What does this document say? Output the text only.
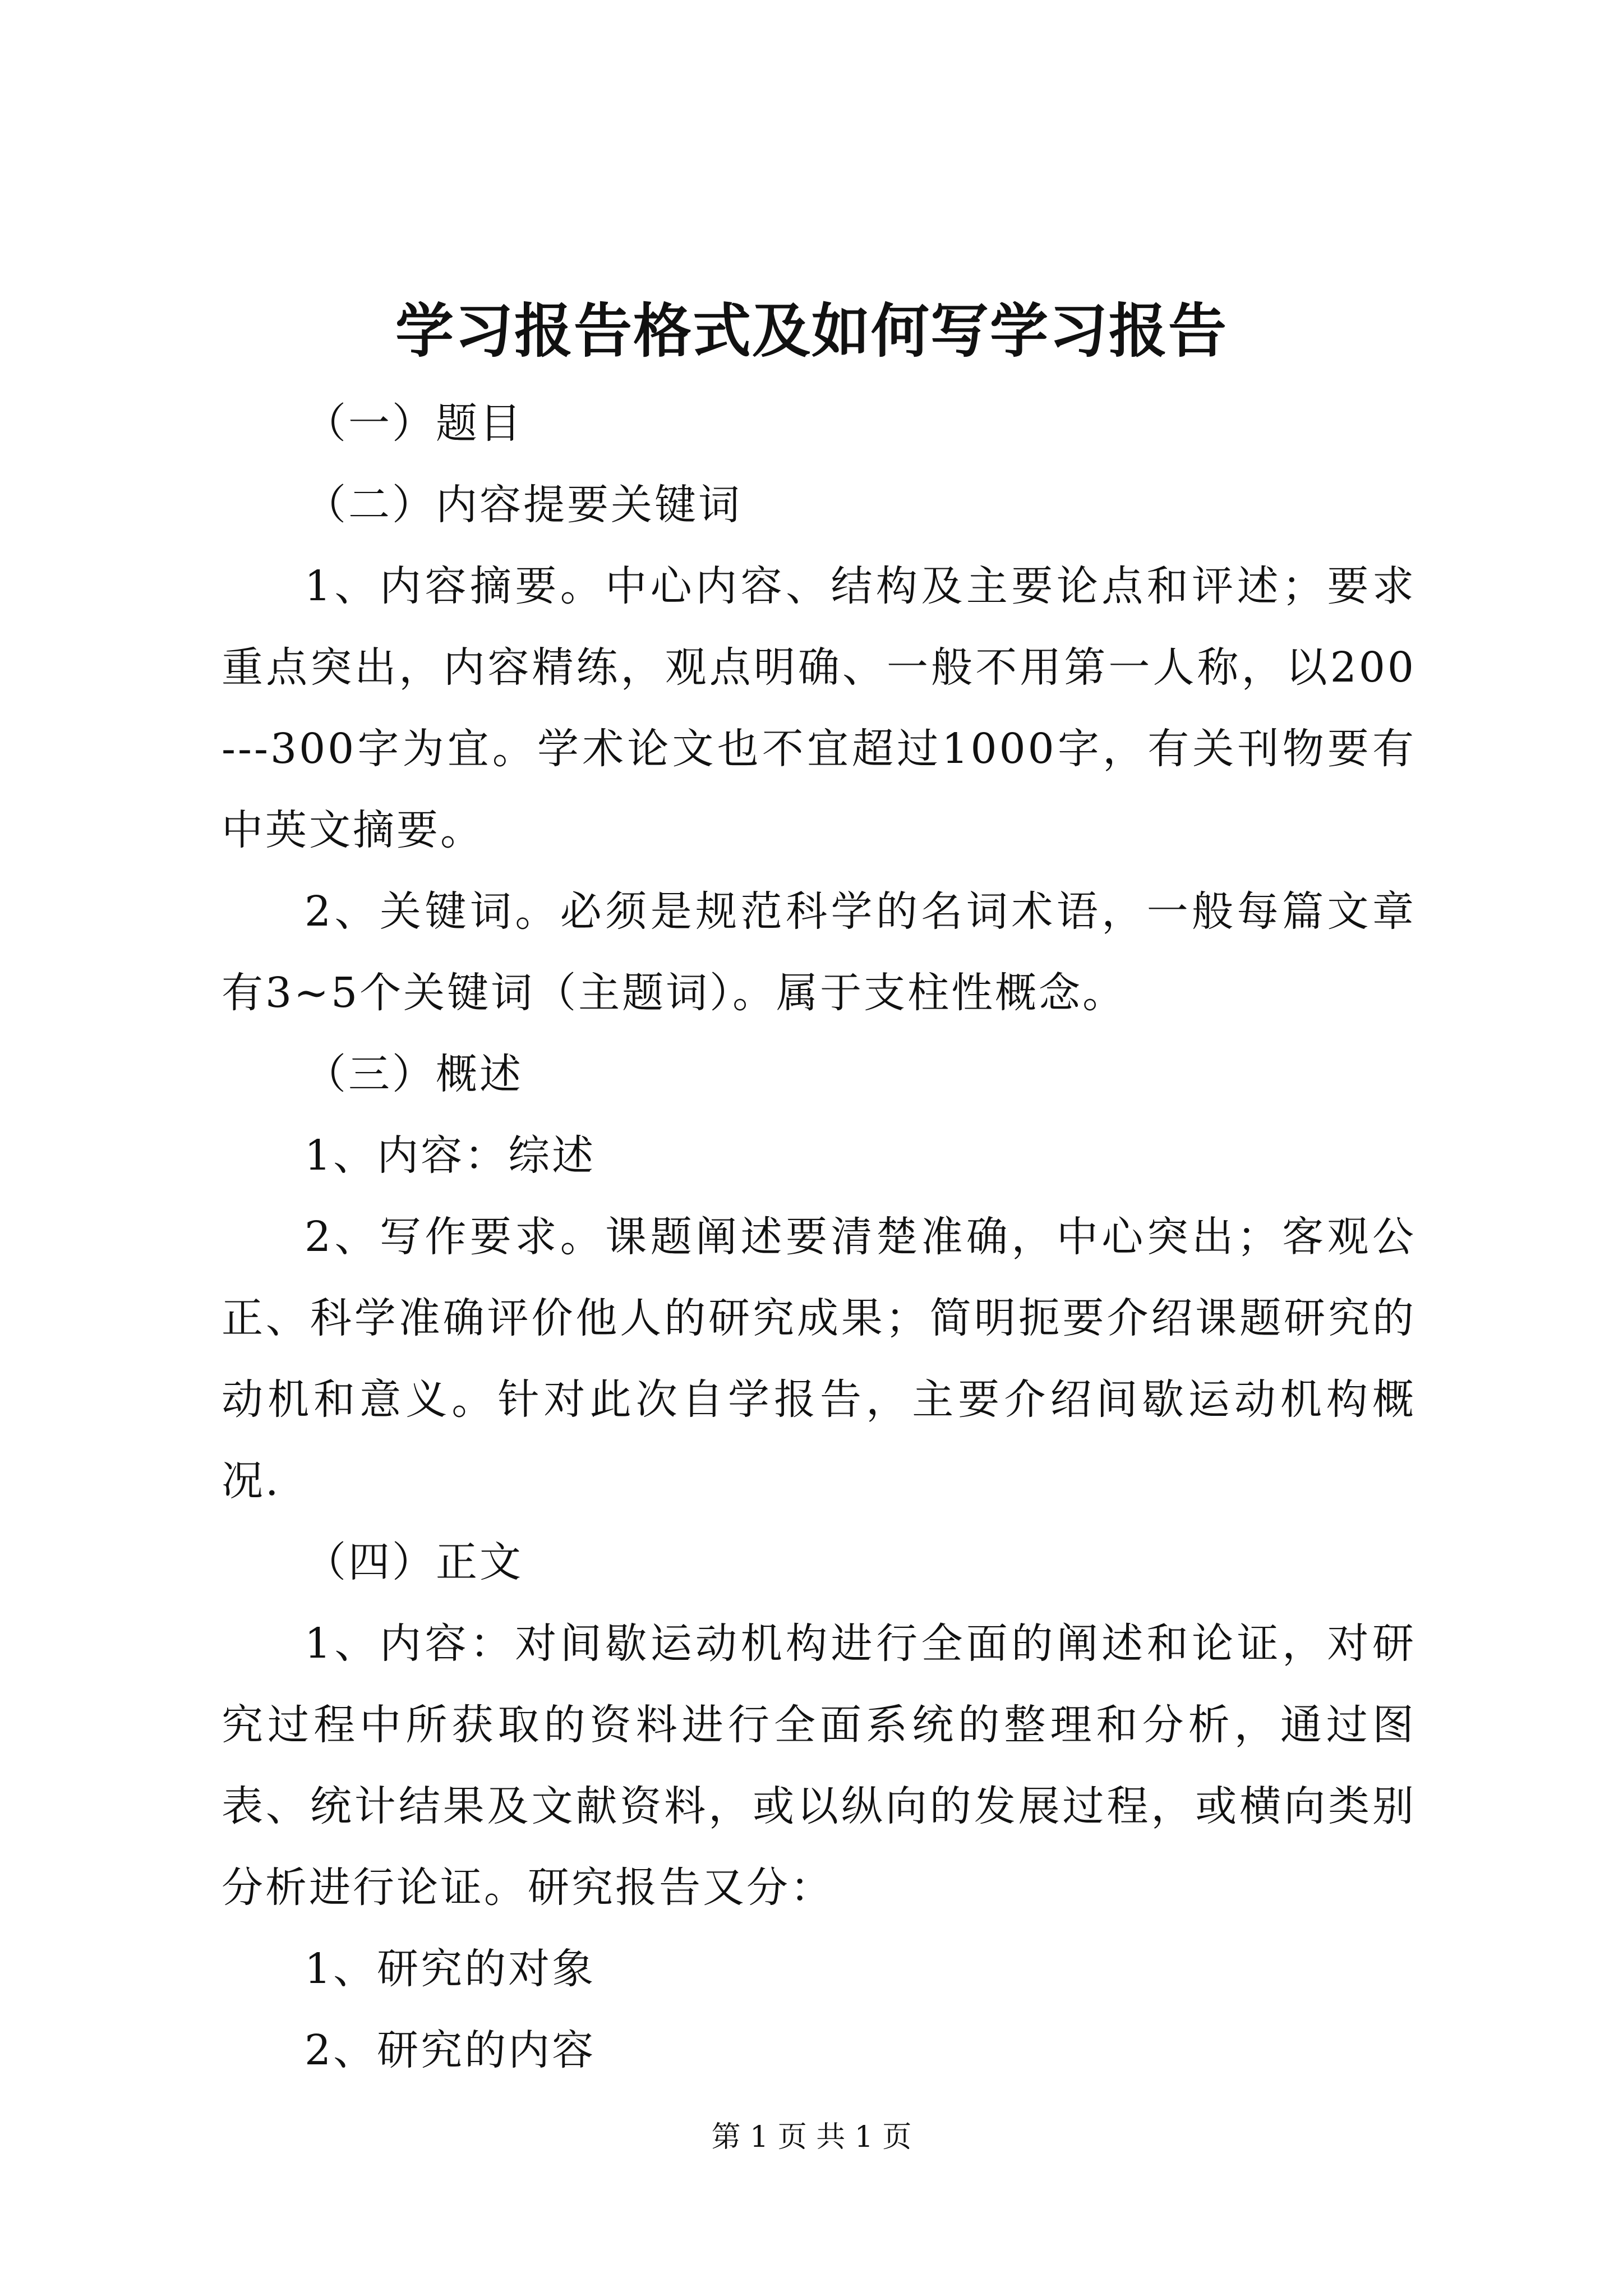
学习报告格式及如何写学习报告

（一）题目

（二）内容提要关键词

1、内容摘要。中心内容、结构及主要论点和评述；要求重点突出，内容精练，观点明确、一般不用第一人称，以200---300字为宜。学术论文也不宜超过1000字，有关刊物要有中英文摘要。

2、关键词。必须是规范科学的名词术语，一般每篇文章有3~5个关键词（主题词）。属于支柱性概念。

（三）概述

1、内容：综述

2、写作要求。课题阐述要清楚准确，中心突出；客观公正、科学准确评价他人的研究成果；简明扼要介绍课题研究的动机和意义。针对此次自学报告，主要介绍间歇运动机构概况.

（四）正文

1、内容：对间歇运动机构进行全面的阐述和论证，对研究过程中所获取的资料进行全面系统的整理和分析，通过图表、统计结果及文献资料，或以纵向的发展过程，或横向类别分析进行论证。研究报告又分：

1、研究的对象

2、研究的内容

第 1 页 共 1 页
